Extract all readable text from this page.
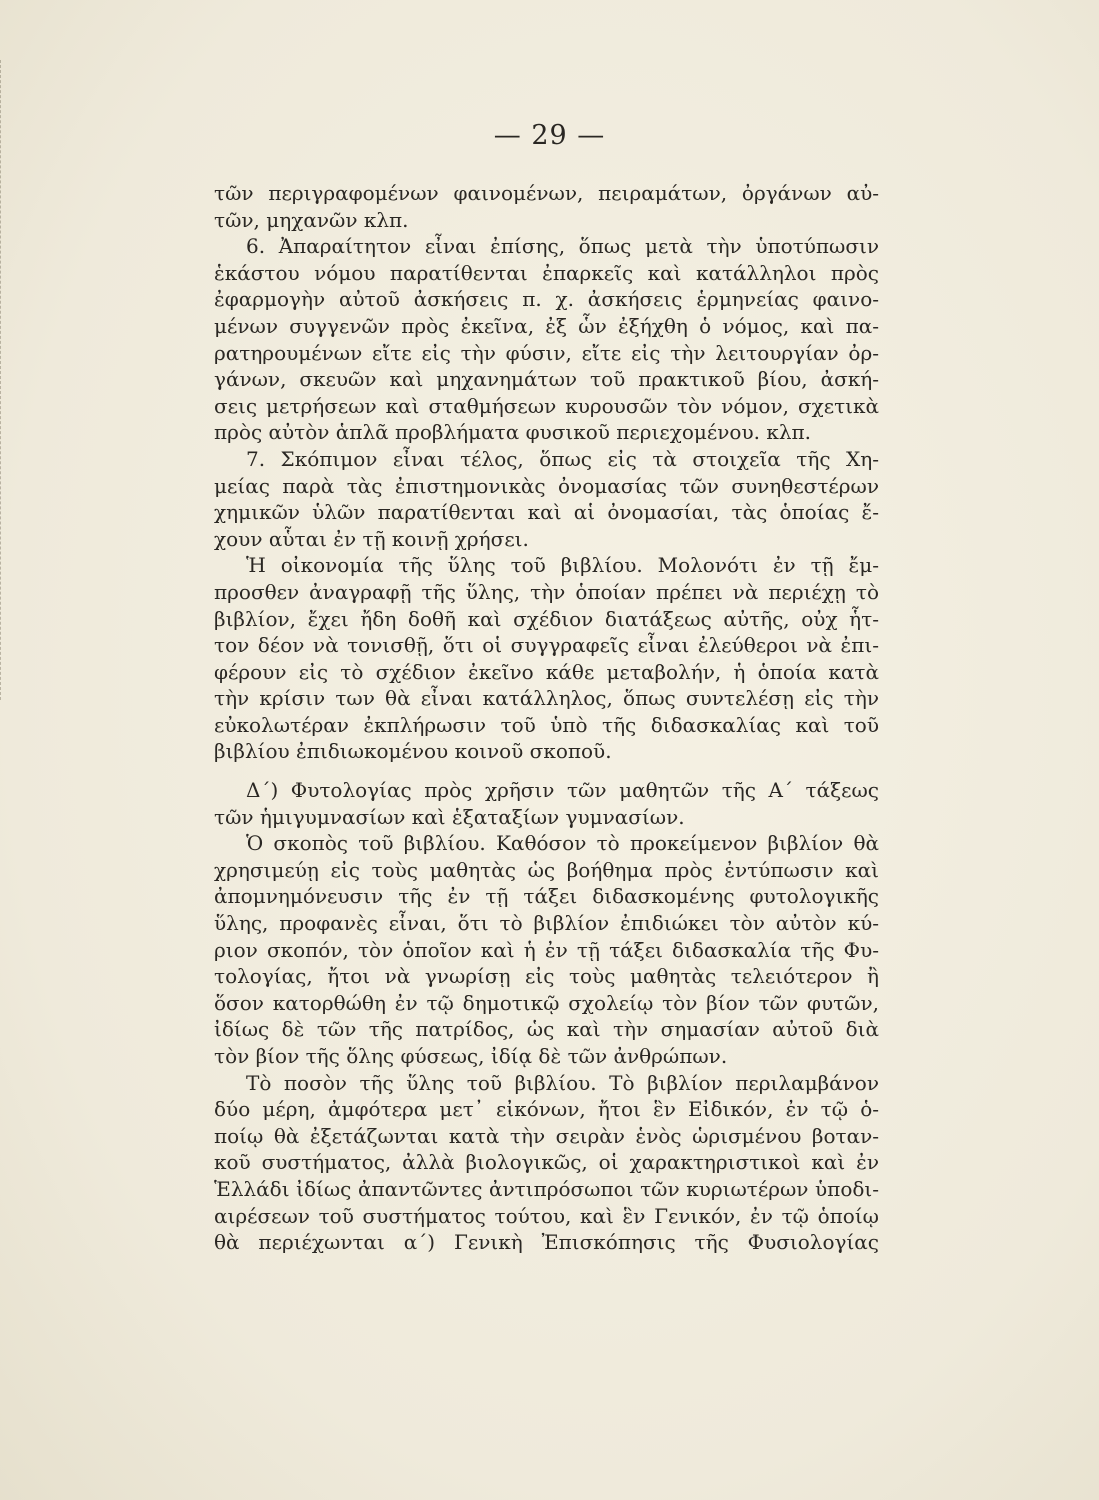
— 29 —
τῶν περιγραφομένων φαινομένων, πειραμάτων, ὀργάνων αὐ-
τῶν, μηχανῶν κλπ.
6. Ἀπαραίτητον εἶναι ἐπίσης, ὅπως μετὰ τὴν ὑποτύπωσιν
ἑκάστου νόμου παρατίθενται ἐπαρκεῖς καὶ κατάλληλοι πρὸς
ἐφαρμογὴν αὐτοῦ ἀσκήσεις π. χ. ἀσκήσεις ἑρμηνείας φαινο-
μένων συγγενῶν πρὸς ἐκεῖνα, ἐξ ὧν ἐξήχθη ὁ νόμος, καὶ πα-
ρατηρουμένων εἴτε εἰς τὴν φύσιν, εἴτε εἰς τὴν λειτουργίαν ὀρ-
γάνων, σκευῶν καὶ μηχανημάτων τοῦ πρακτικοῦ βίου, ἀσκή-
σεις μετρήσεων καὶ σταθμήσεων κυρουσῶν τὸν νόμον, σχετικὰ
πρὸς αὐτὸν ἁπλᾶ προβλήματα φυσικοῦ περιεχομένου. κλπ.
7. Σκόπιμον εἶναι τέλος, ὅπως εἰς τὰ στοιχεῖα τῆς Χη-
μείας παρὰ τὰς ἐπιστημονικὰς ὀνομασίας τῶν συνηθεστέρων
χημικῶν ὑλῶν παρατίθενται καὶ αἱ ὀνομασίαι, τὰς ὁποίας ἔ-
χουν αὗται ἐν τῇ κοινῇ χρήσει.
Ἡ οἰκονομία τῆς ὕλης τοῦ βιβλίου. Μολονότι ἐν τῇ ἔμ-
προσθεν ἀναγραφῇ τῆς ὕλης, τὴν ὁποίαν πρέπει νὰ περιέχῃ τὸ
βιβλίον, ἔχει ἤδη δοθῆ καὶ σχέδιον διατάξεως αὐτῆς, οὐχ ἧτ-
τον δέον νὰ τονισθῇ, ὅτι οἱ συγγραφεῖς εἶναι ἐλεύθεροι νὰ ἐπι-
φέρουν εἰς τὸ σχέδιον ἐκεῖνο κάθε μεταβολήν, ἡ ὁποία κατὰ
τὴν κρίσιν των θὰ εἶναι κατάλληλος, ὅπως συντελέσῃ εἰς τὴν
εὐκολωτέραν ἐκπλήρωσιν τοῦ ὑπὸ τῆς διδασκαλίας καὶ τοῦ
βιβλίου ἐπιδιωκομένου κοινοῦ σκοποῦ.
Δ΄) Φυτολογίας πρὸς χρῆσιν τῶν μαθητῶν τῆς Α΄ τάξεως
τῶν ἡμιγυμνασίων καὶ ἑξαταξίων γυμνασίων.
Ὁ σκοπὸς τοῦ βιβλίου. Καθόσον τὸ προκείμενον βιβλίον θὰ
χρησιμεύῃ εἰς τοὺς μαθητὰς ὡς βοήθημα πρὸς ἐντύπωσιν καὶ
ἀπομνημόνευσιν τῆς ἐν τῇ τάξει διδασκομένης φυτολογικῆς
ὕλης, προφανὲς εἶναι, ὅτι τὸ βιβλίον ἐπιδιώκει τὸν αὐτὸν κύ-
ριον σκοπόν, τὸν ὁποῖον καὶ ἡ ἐν τῇ τάξει διδασκαλία τῆς Φυ-
τολογίας, ἤτοι νὰ γνωρίσῃ εἰς τοὺς μαθητὰς τελειότερον ἢ
ὅσον κατορθώθη ἐν τῷ δημοτικῷ σχολείῳ τὸν βίον τῶν φυτῶν,
ἰδίως δὲ τῶν τῆς πατρίδος, ὡς καὶ τὴν σημασίαν αὐτοῦ διὰ
τὸν βίον τῆς ὅλης φύσεως, ἰδίᾳ δὲ τῶν ἀνθρώπων.
Τὸ ποσὸν τῆς ὕλης τοῦ βιβλίου. Τὸ βιβλίον περιλαμβάνον
δύο μέρη, ἀμφότερα μετ᾽ εἰκόνων, ἤτοι ἓν Εἰδικόν, ἐν τῷ ὁ-
ποίῳ θὰ ἐξετάζωνται κατὰ τὴν σειρὰν ἑνὸς ὡρισμένου βοταν-
κοῦ συστήματος, ἀλλὰ βιολογικῶς, οἱ χαρακτηριστικοὶ καὶ ἐν
Ἑλλάδι ἰδίως ἀπαντῶντες ἀντιπρόσωποι τῶν κυριωτέρων ὑποδι-
αιρέσεων τοῦ συστήματος τούτου, καὶ ἓν Γενικόν, ἐν τῷ ὁποίῳ
θὰ περιέχωνται α΄) Γενικὴ Ἐπισκόπησις τῆς Φυσιολογίας
